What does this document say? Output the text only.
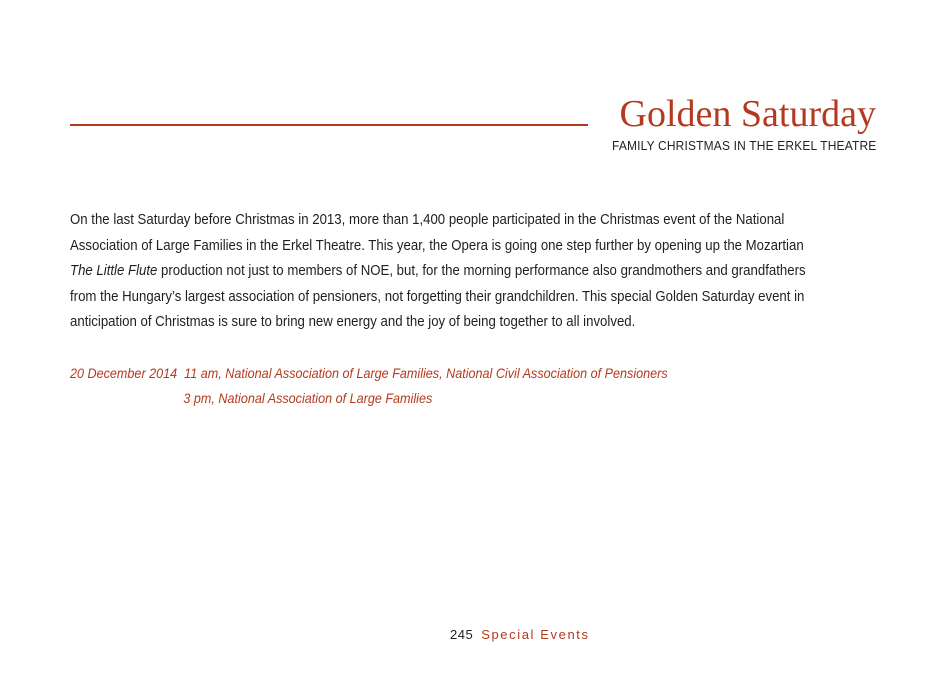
Golden Saturday

FAMILY CHRISTMAS IN THE ERKEL THEATRE

On the last Saturday before Christmas in 2013, more than 1,400 people participated in the Christmas event of the National
Association of Large Families in the Erkel Theatre. This year, the Opera is going one step further by opening up the Mozartian
The Little Flute production not just to members of NOE, but, for the morning performance also grandmothers and grandfathers
from the Hungary’s largest association of pensioners, not forgetting their grandchildren. This special Golden Saturday event in
anticipation of Christmas is sure to bring new energy and the joy of being together to all involved.
20 December 2014 11 am, National Association of Large Families, National Civil Association of Pensioners
3 pm, National Association of Large Families
245 Special Events
